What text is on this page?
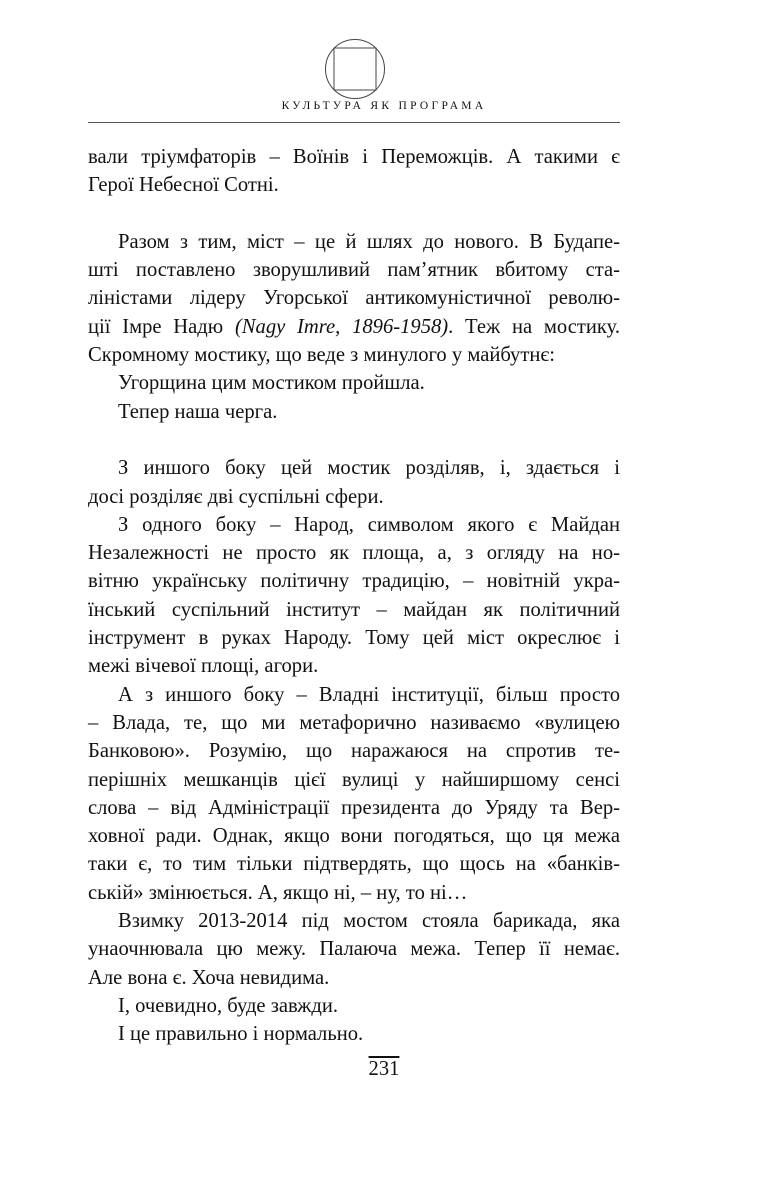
КУЛЬТУРА ЯК ПРОГРАМА

вали тріумфаторів – Воїнів і Переможців. А такими є

Герої Небесної Сотні.

Разом з тим, міст – це й шлях до нового. В Будапе-

шті поставлено зворушливий пам’ятник вбитому ста-

ліністами лідеру Угорської антикомуністичної револю-

ції Імре Надю (Nagy Imre, 1896-1958). Теж на мостику.

Скромному мостику, що веде з минулого у майбутнє:

Угорщина цим мостиком пройшла.

Тепер наша черга.

З иншого боку цей мостик розділяв, і, здається і

досі розділяє дві суспільні сфери.

З одного боку – Народ, символом якого є Майдан

Незалежності не просто як площа, а, з огляду на но-

вітню українську політичну традицію, – новітній укра-

їнський суспільний інститут – майдан як політичний

інструмент в руках Народу. Тому цей міст окреслює і

межі вічевої площі, агори.

А з иншого боку – Владні інституції, більш просто

– Влада, те, що ми метафорично називаємо «вулицею

Банковою». Розумію, що наражаюся на спротив те-

перішніх мешканців цієї вулиці у найширшому сенсі

слова – від Адміністрації президента до Уряду та Вер-

ховної ради. Однак, якщо вони погодяться, що ця межа

таки є, то тим тільки підтвердять, що щось на «банків-

ській» змінюється. А, якщо ні, – ну, то ні…

Взимку 2013-2014 під мостом стояла барикада, яка

унаочнювала цю межу. Палаюча межа. Тепер її немає.

Але вона є. Хоча невидима.

І, очевидно, буде завжди.

І це правильно і нормально.

231
